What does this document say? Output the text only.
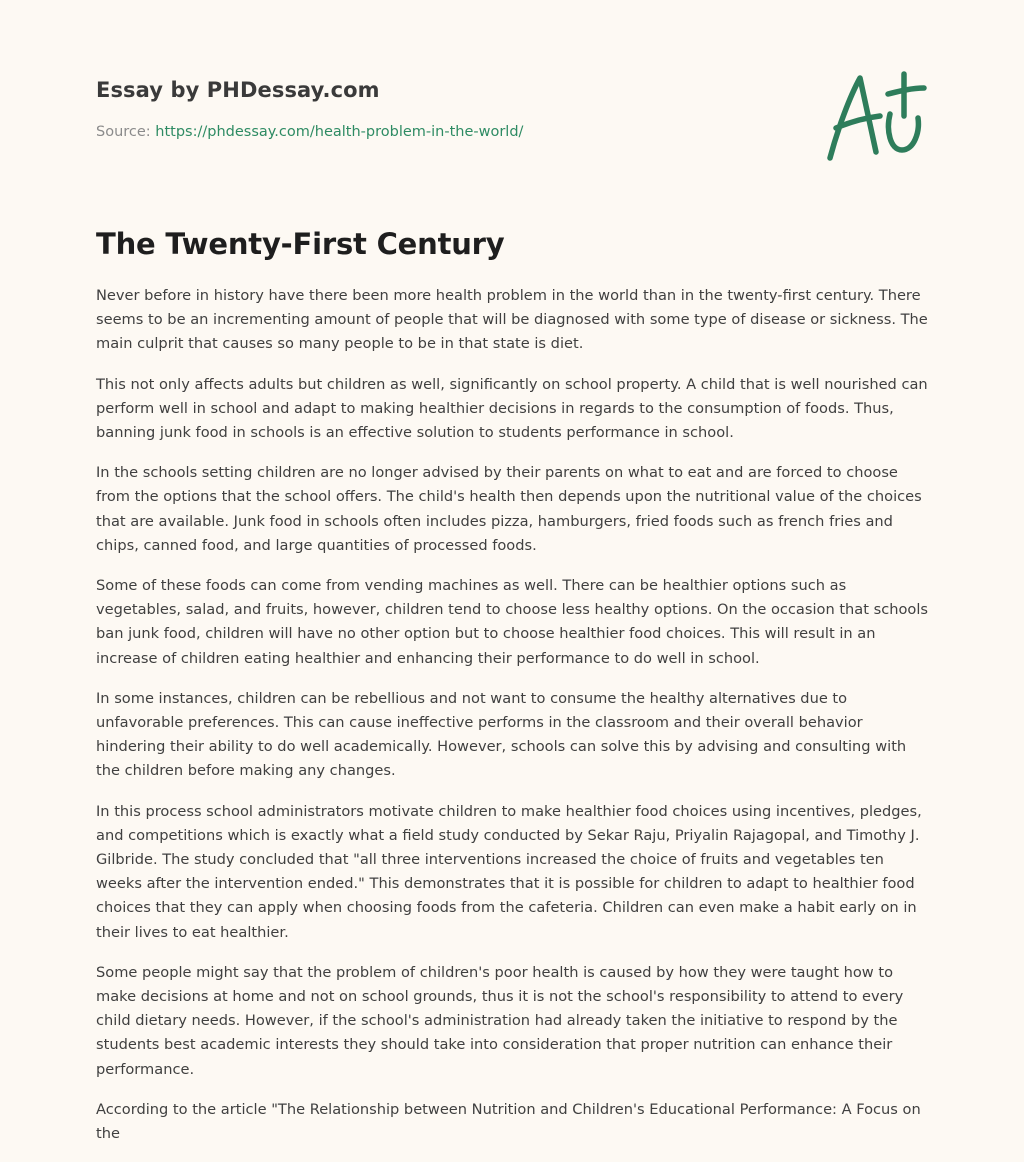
Essay by PHDessay.com
Source: https://phdessay.com/health-problem-in-the-world/
The Twenty-First Century

Never before in history have there been more health problem in the world than in the twenty-first century. There seems to be an incrementing amount of people that will be diagnosed with some type of disease or sickness. The main culprit that causes so many people to be in that state is diet.

This not only affects adults but children as well, significantly on school property. A child that is well nourished can perform well in school and adapt to making healthier decisions in regards to the consumption of foods. Thus, banning junk food in schools is an effective solution to students performance in school.

In the schools setting children are no longer advised by their parents on what to eat and are forced to choose from the options that the school offers. The child's health then depends upon the nutritional value of the choices that are available. Junk food in schools often includes pizza, hamburgers, fried foods such as french fries and chips, canned food, and large quantities of processed foods.

Some of these foods can come from vending machines as well. There can be healthier options such as vegetables, salad, and fruits, however, children tend to choose less healthy options. On the occasion that schools ban junk food, children will have no other option but to choose healthier food choices. This will result in an increase of children eating healthier and enhancing their performance to do well in school.

In some instances, children can be rebellious and not want to consume the healthy alternatives due to unfavorable preferences. This can cause ineffective performs in the classroom and their overall behavior hindering their ability to do well academically. However, schools can solve this by advising and consulting with the children before making any changes.

In this process school administrators motivate children to make healthier food choices using incentives, pledges, and competitions which is exactly what a field study conducted by Sekar Raju, Priyalin Rajagopal, and Timothy J. Gilbride. The study concluded that "all three interventions increased the choice of fruits and vegetables ten weeks after the intervention ended." This demonstrates that it is possible for children to adapt to healthier food choices that they can apply when choosing foods from the cafeteria. Children can even make a habit early on in their lives to eat healthier.

Some people might say that the problem of children's poor health is caused by how they were taught how to make decisions at home and not on school grounds, thus it is not the school's responsibility to attend to every child dietary needs. However, if the school's administration had already taken the initiative to respond by the students best academic interests they should take into consideration that proper nutrition can enhance their performance.

According to the article "The Relationship between Nutrition and Children's Educational Performance: A Focus on the
